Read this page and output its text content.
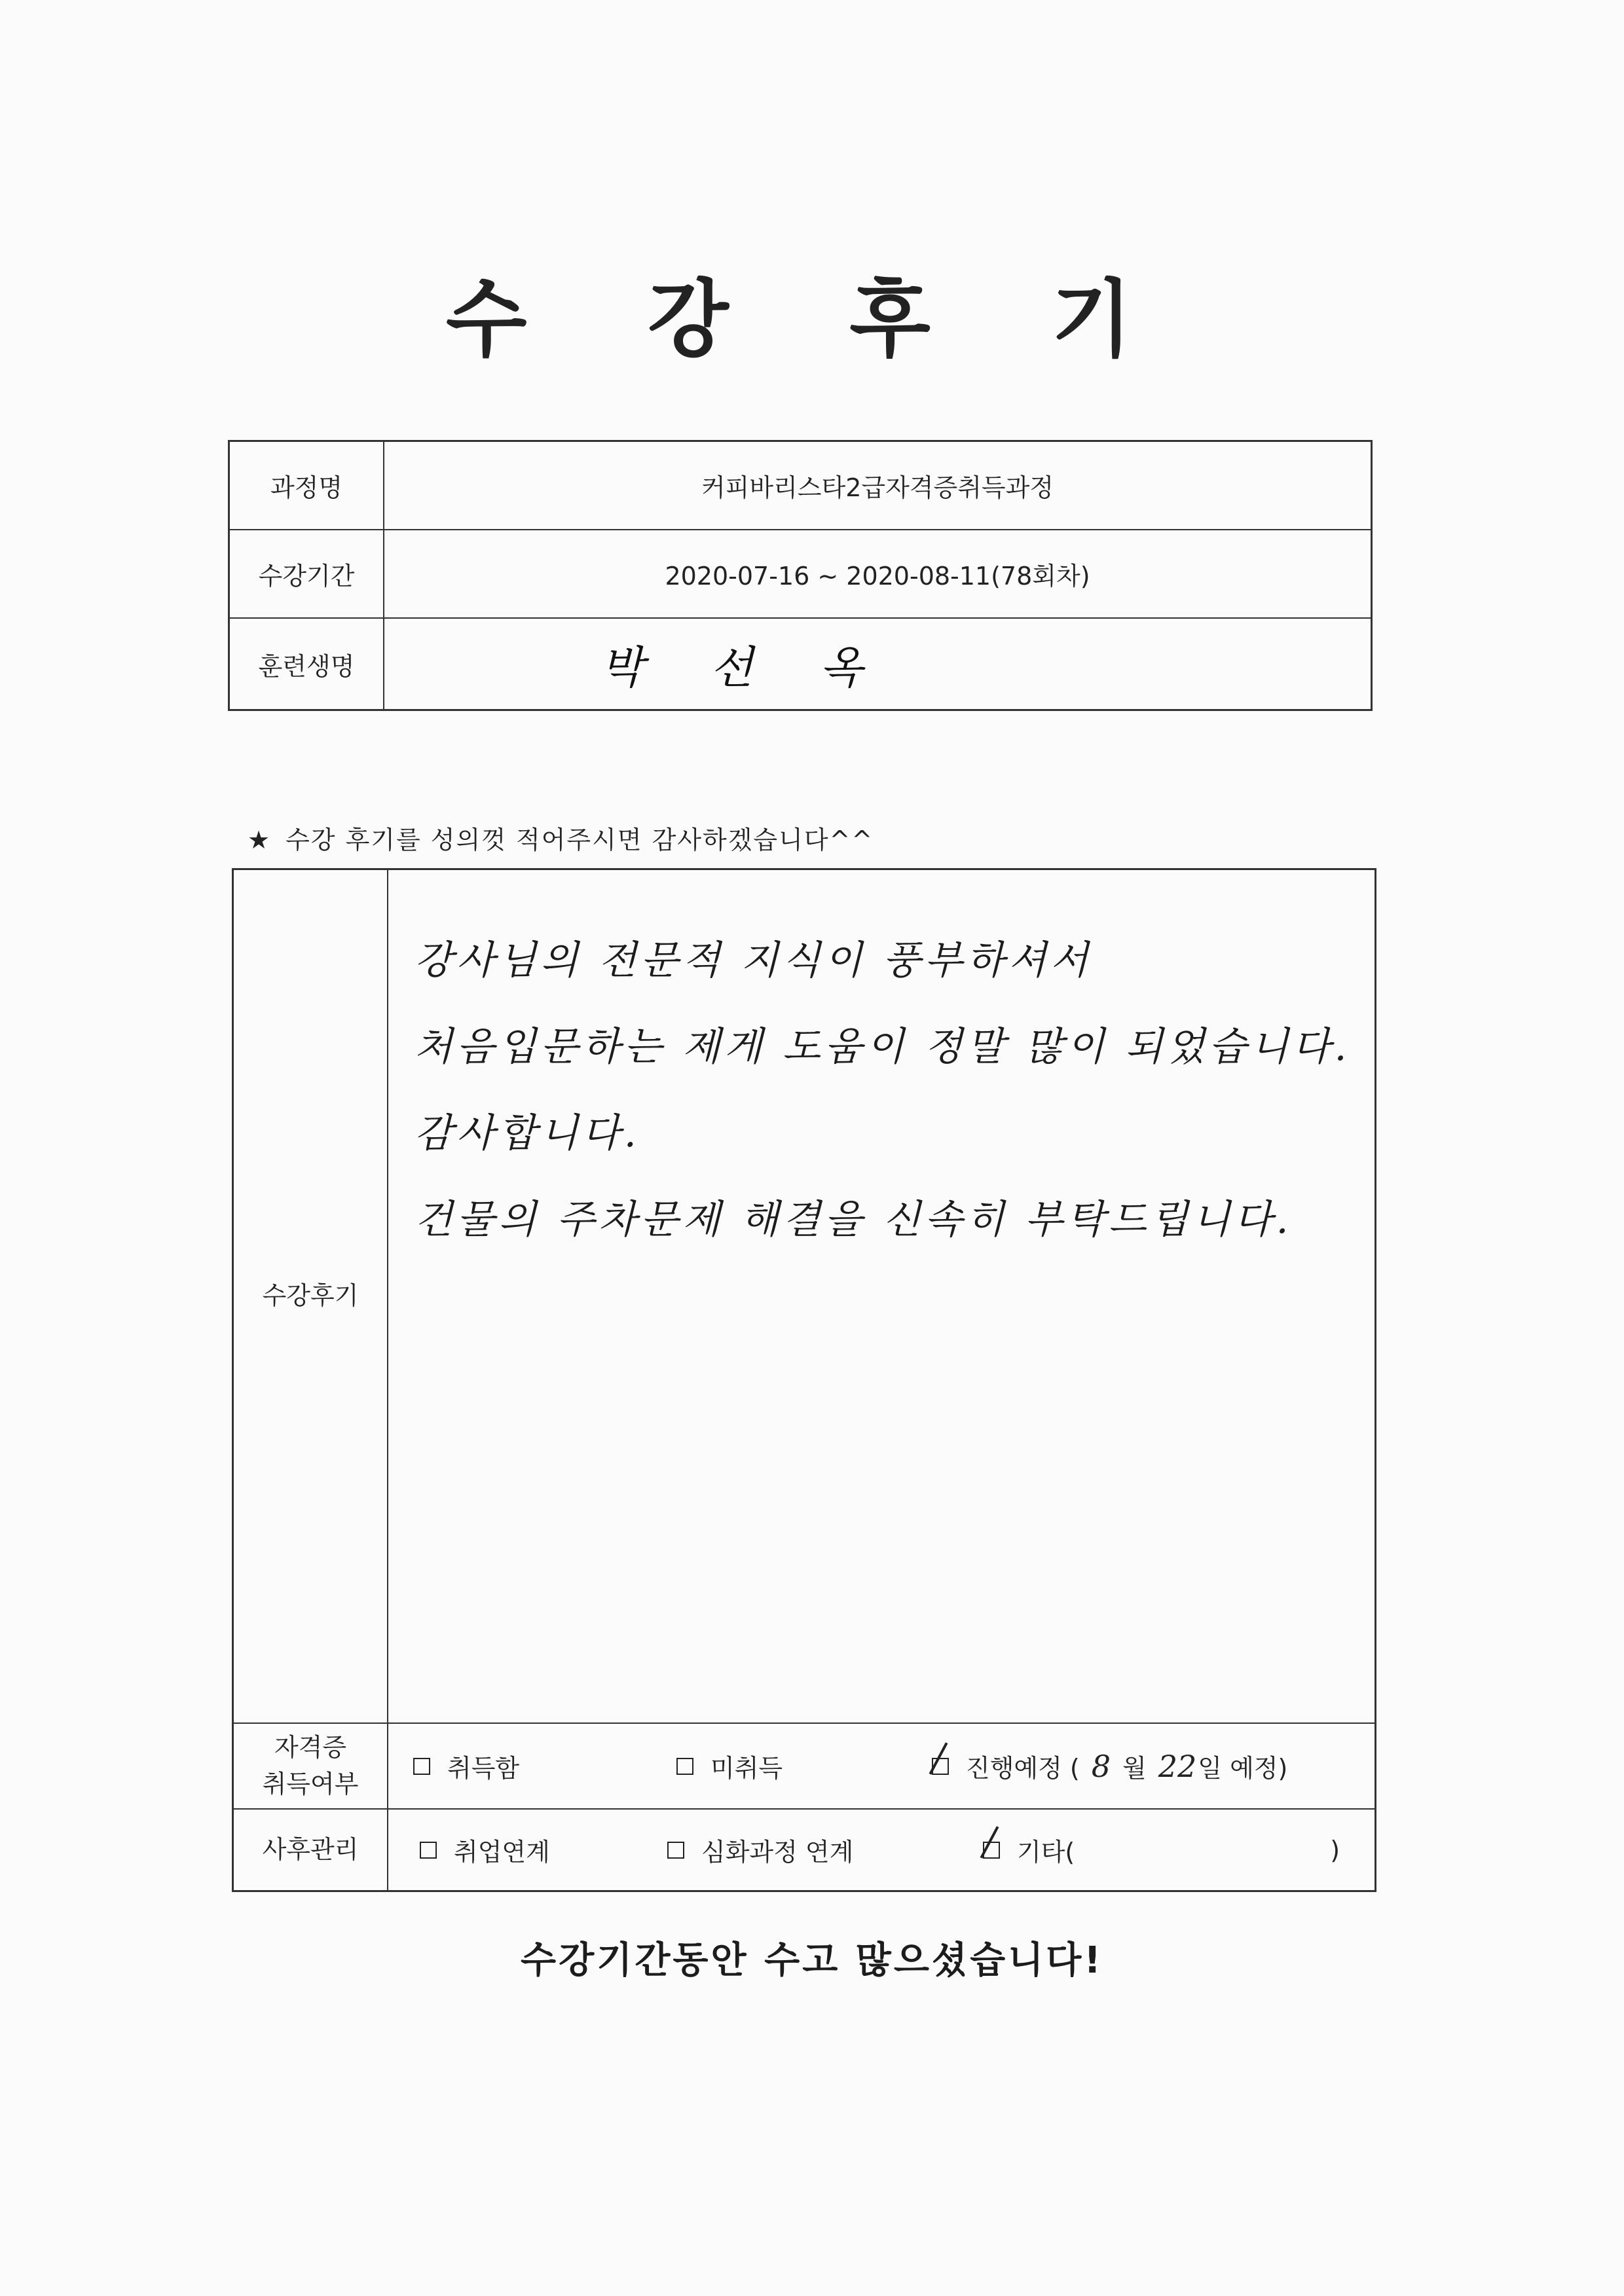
수 강 후 기
과정명	커피바리스타2급자격증취득과정
수강기간	2020-07-16 ~ 2020-08-11(78회차)
훈련생명	박 선 옥
★ 수강 후기를 성의껏 적어주시면 감사하겠습니다^^
수강후기
강사님의 전문적 지식이 풍부하셔서
처음입문하는 제게 도움이 정말 많이 되었습니다.
감사합니다.
건물의 주차문제 해결을 신속히 부탁드립니다.
자격증
취득여부
취득함	미취득	진행예정 ( 8 월 22 일 예정)
사후관리	취업연계	심화과정 연계	기타(	)
수강기간동안 수고 많으셨습니다!
